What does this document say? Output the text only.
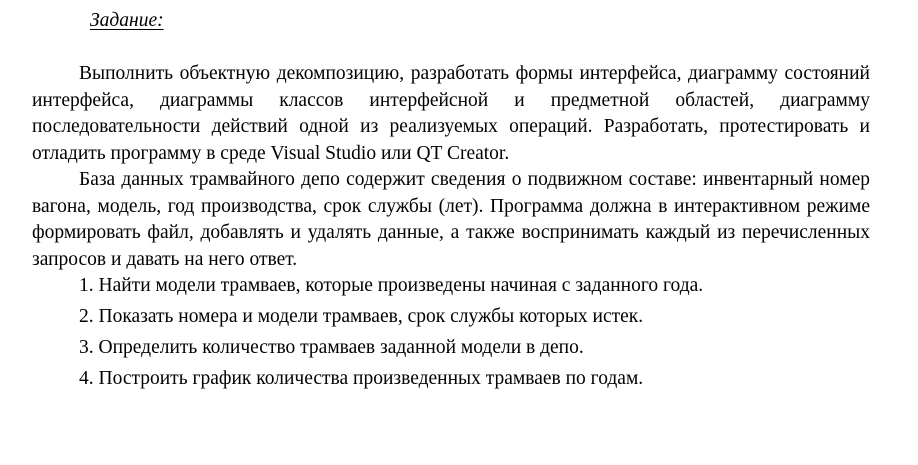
Задание:

Выполнить объектную декомпозицию, разработать формы интерфейса, диаграмму состояний интерфейса, диаграммы классов интерфейсной и предметной областей, диаграмму последовательности действий одной из реализуемых операций. Разработать, протестировать и отладить программу в среде Visual Studio или QT Creator.

База данных трамвайного депо содержит сведения о подвижном составе: инвентарный номер вагона, модель, год производства, срок службы (лет). Программа должна в интерактивном режиме формировать файл, добавлять и удалять данные, а также воспринимать каждый из перечисленных запросов и давать на него ответ.

1. Найти модели трамваев, которые произведены начиная с заданного года.
2. Показать номера и модели трамваев, срок службы которых истек.
3. Определить количество трамваев заданной модели в депо.
4. Построить график количества произведенных трамваев по годам.
